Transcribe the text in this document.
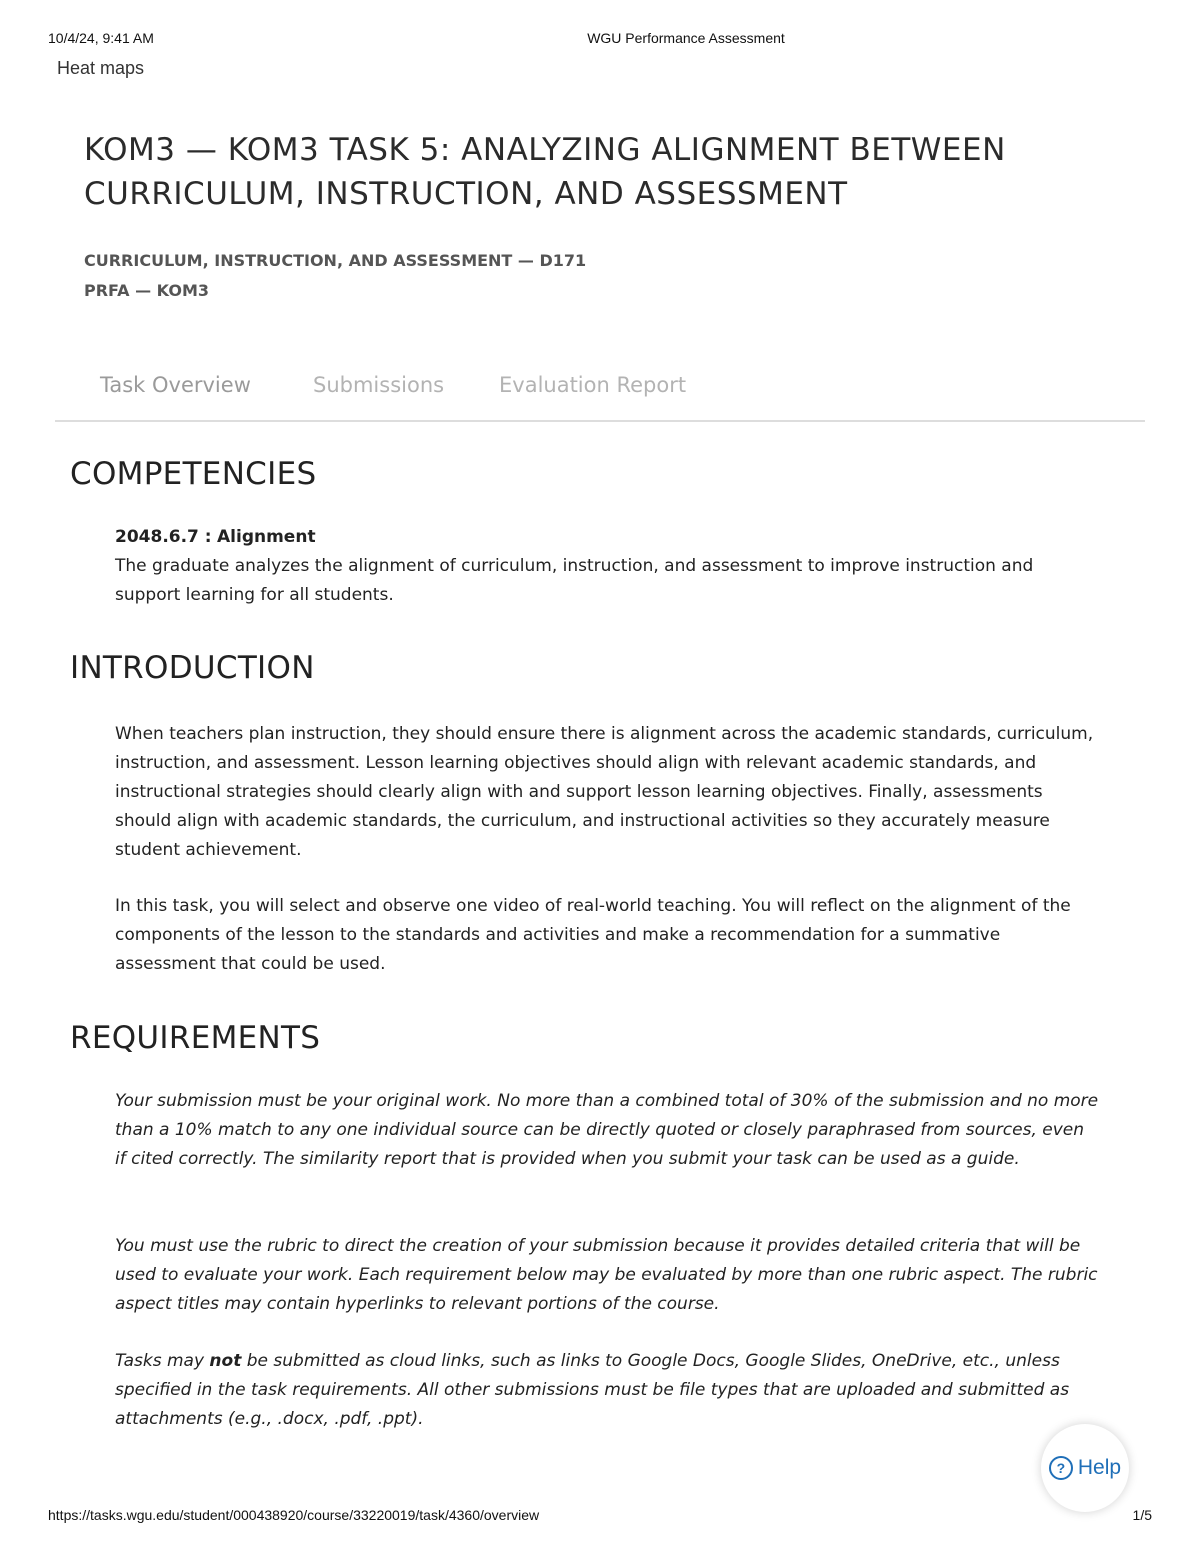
10/4/24, 9:41 AM	WGU Performance Assessment
Heat maps
KOM3 — KOM3 TASK 5: ANALYZING ALIGNMENT BETWEEN CURRICULUM, INSTRUCTION, AND ASSESSMENT
CURRICULUM, INSTRUCTION, AND ASSESSMENT — D171
PRFA — KOM3
Task Overview	Submissions	Evaluation Report
COMPETENCIES
2048.6.7 : Alignment

The graduate analyzes the alignment of curriculum, instruction, and assessment to improve instruction and support learning for all students.

INTRODUCTION

When teachers plan instruction, they should ensure there is alignment across the academic standards, curriculum, instruction, and assessment. Lesson learning objectives should align with relevant academic standards, and instructional strategies should clearly align with and support lesson learning objectives. Finally, assessments should align with academic standards, the curriculum, and instructional activities so they accurately measure student achievement.

In this task, you will select and observe one video of real-world teaching. You will reflect on the alignment of the components of the lesson to the standards and activities and make a recommendation for a summative assessment that could be used.

REQUIREMENTS

Your submission must be your original work. No more than a combined total of 30% of the submission and no more than a 10% match to any one individual source can be directly quoted or closely paraphrased from sources, even if cited correctly. The similarity report that is provided when you submit your task can be used as a guide.

You must use the rubric to direct the creation of your submission because it provides detailed criteria that will be used to evaluate your work. Each requirement below may be evaluated by more than one rubric aspect. The rubric aspect titles may contain hyperlinks to relevant portions of the course.

Tasks may not be submitted as cloud links, such as links to Google Docs, Google Slides, OneDrive, etc., unless specified in the task requirements. All other submissions must be file types that are uploaded and submitted as attachments (e.g., .docx, .pdf, .ppt).

? Help
https://tasks.wgu.edu/student/000438920/course/33220019/task/4360/overview	1/5
